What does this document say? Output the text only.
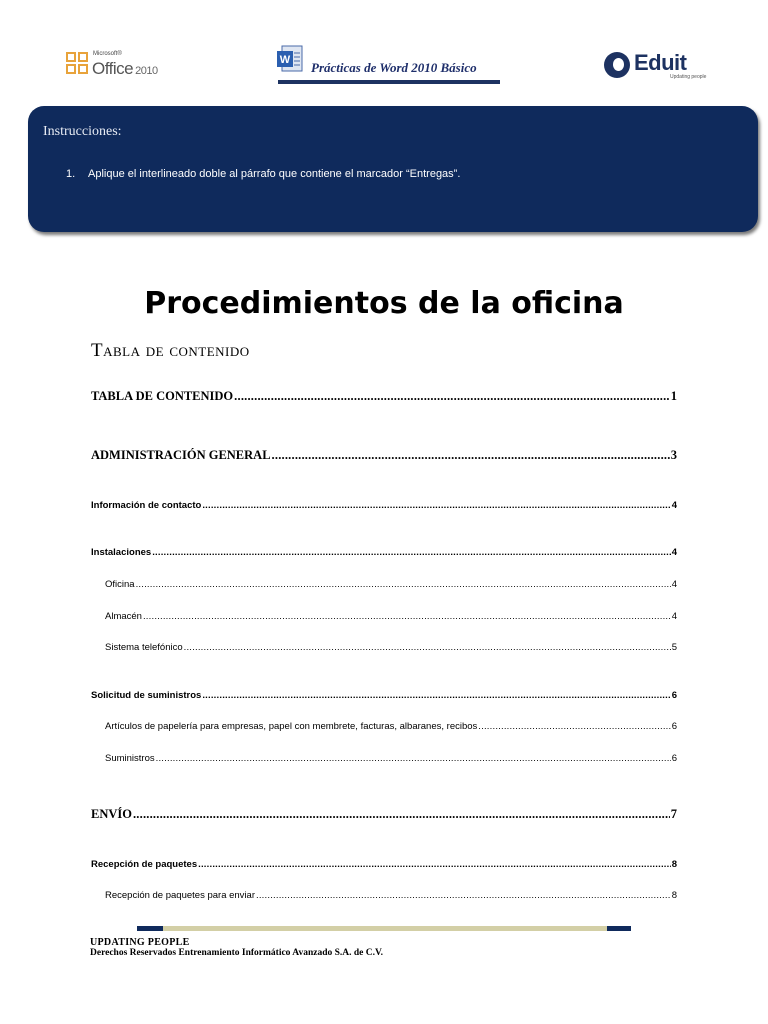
Microsoft®
Office 2010
W Prácticas de Word 2010 Básico	Eduit
Updating people
Instrucciones:
1. Aplique el interlineado doble al párrafo que contiene el marcador “Entregas”.
Procedimientos de la oficina
Tabla de contenido
TABLA DE CONTENIDO .....	1
ADMINISTRACIÓN GENERAL .....	3
Información de contacto .....	4
Instalaciones .....	4
Oficina .....	4
Almacén .....	4
Sistema telefónico .....	5
Solicitud de suministros .....	6
Artículos de papelería para empresas, papel con membrete, facturas, albaranes, recibos .....	6
Suministros .....	6
ENVÍO .....	7
Recepción de paquetes .....	8
Recepción de paquetes para enviar .....	8
UPDATING PEOPLE
Derechos Reservados Entrenamiento Informático Avanzado S.A. de C.V.
